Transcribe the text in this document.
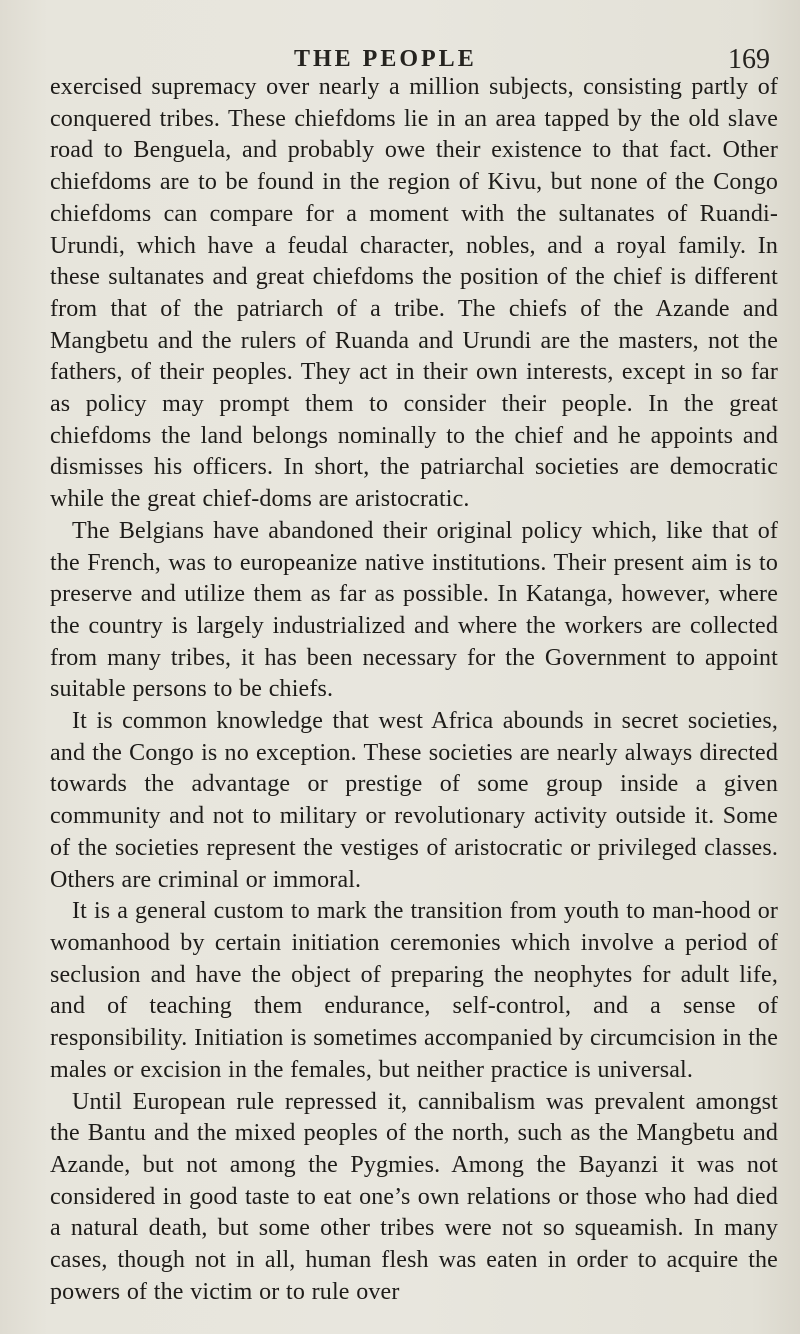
THE PEOPLE	169

exercised supremacy over nearly a million subjects, consisting partly of conquered tribes. These chiefdoms lie in an area tapped by the old slave road to Benguela, and probably owe their existence to that fact. Other chiefdoms are to be found in the region of Kivu, but none of the Congo chiefdoms can compare for a moment with the sultanates of Ruandi-Urundi, which have a feudal character, nobles, and a royal family. In these sultanates and great chiefdoms the position of the chief is different from that of the patriarch of a tribe. The chiefs of the Azande and Mangbetu and the rulers of Ruanda and Urundi are the masters, not the fathers, of their peoples. They act in their own interests, except in so far as policy may prompt them to consider their people. In the great chiefdoms the land belongs nominally to the chief and he appoints and dismisses his officers. In short, the patriarchal societies are democratic while the great chief-doms are aristocratic.

The Belgians have abandoned their original policy which, like that of the French, was to europeanize native institutions. Their present aim is to preserve and utilize them as far as possible. In Katanga, however, where the country is largely industrialized and where the workers are collected from many tribes, it has been necessary for the Government to appoint suitable persons to be chiefs.

It is common knowledge that west Africa abounds in secret societies, and the Congo is no exception. These societies are nearly always directed towards the advantage or prestige of some group inside a given community and not to military or revolutionary activity outside it. Some of the societies represent the vestiges of aristocratic or privileged classes. Others are criminal or immoral.

It is a general custom to mark the transition from youth to man-hood or womanhood by certain initiation ceremonies which involve a period of seclusion and have the object of preparing the neophytes for adult life, and of teaching them endurance, self-control, and a sense of responsibility. Initiation is sometimes accompanied by circumcision in the males or excision in the females, but neither practice is universal.

Until European rule repressed it, cannibalism was prevalent amongst the Bantu and the mixed peoples of the north, such as the Mangbetu and Azande, but not among the Pygmies. Among the Bayanzi it was not considered in good taste to eat one’s own relations or those who had died a natural death, but some other tribes were not so squeamish. In many cases, though not in all, human flesh was eaten in order to acquire the powers of the victim or to rule over
